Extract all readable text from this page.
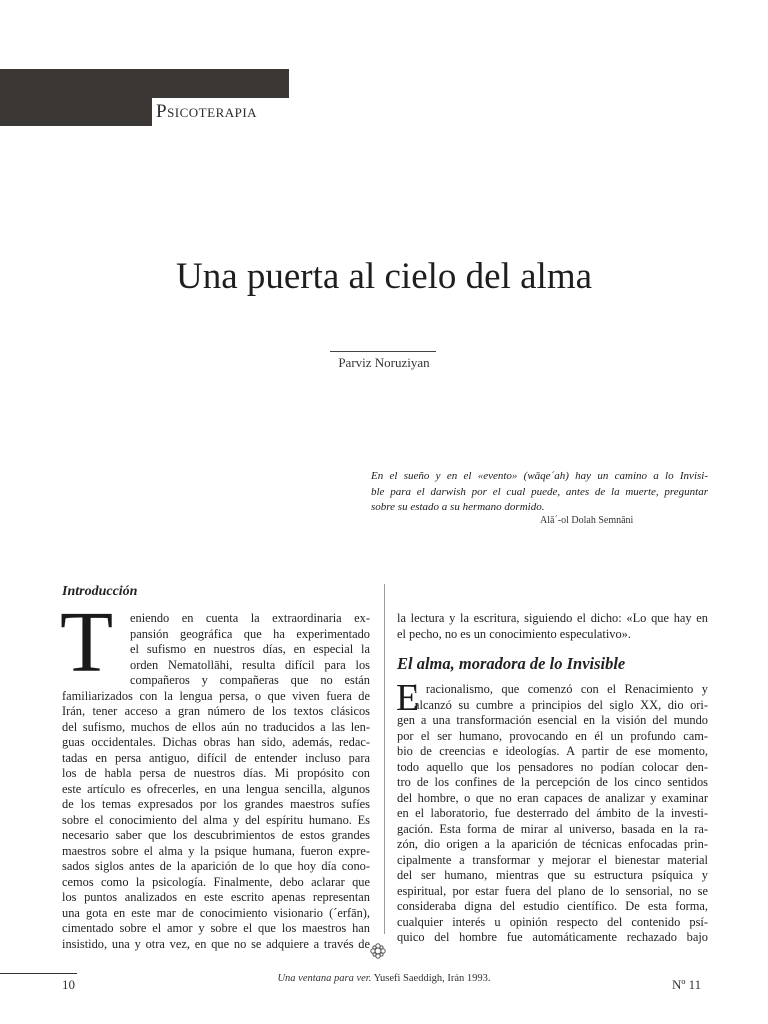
Psicoterapia
Una puerta al cielo del alma
Parviz Noruziyan
En el sueño y en el «evento» (wāqe´ah) hay un camino a lo Invisi-
ble para el darwish por el cual puede, antes de la muerte, preguntar
sobre su estado a su hermano dormido.
Alā´-ol Dolah Semnāni
Introducción
T eniendo en cuenta la extraordinaria ex-
pansión geográfica que ha experimentado
el sufismo en nuestros días, en especial la
orden Nematollāhi, resulta difícil para los
compañeros y compañeras que no están
familiarizados con la lengua persa, o que viven fuera de
Irán, tener acceso a gran número de los textos clásicos
del sufismo, muchos de ellos aún no traducidos a las len-
guas occidentales. Dichas obras han sido, además, redac-
tadas en persa antiguo, difícil de entender incluso para
los de habla persa de nuestros días. Mi propósito con
este artículo es ofrecerles, en una lengua sencilla, algunos
de los temas expresados por los grandes maestros sufíes
sobre el conocimiento del alma y del espíritu humano. Es
necesario saber que los descubrimientos de estos grandes
maestros sobre el alma y la psique humana, fueron expre-
sados siglos antes de la aparición de lo que hoy día cono-
cemos como la psicología. Finalmente, debo aclarar que
los puntos analizados en este escrito apenas representan
una gota en este mar de conocimiento visionario (´erfān),
cimentado sobre el amor y sobre el que los maestros han
insistido, una y otra vez, en que no se adquiere a través de
la lectura y la escritura, siguiendo el dicho: «Lo que hay en
el pecho, no es un conocimiento especulativo».
El alma, moradora de lo Invisible
E
l racionalismo, que comenzó con el Renacimiento y
alcanzó su cumbre a principios del siglo XX, dio ori-
gen a una transformación esencial en la visión del mundo
por el ser humano, provocando en él un profundo cam-
bio de creencias e ideologías. A partir de ese momento,
todo aquello que los pensadores no podían colocar den-
tro de los confines de la percepción de los cinco sentidos
del hombre, o que no eran capaces de analizar y examinar
en el laboratorio, fue desterrado del ámbito de la investi-
gación. Esta forma de mirar al universo, basada en la ra-
zón, dio origen a la aparición de técnicas enfocadas prin-
cipalmente a transformar y mejorar el bienestar material
del ser humano, mientras que su estructura psíquica y
espiritual, por estar fuera del plano de lo sensorial, no se
consideraba digna del estudio científico. De esta forma,
cualquier interés u opinión respecto del contenido psí-
quico del hombre fue automáticamente rechazado bajo
10	Una ventana para ver. Yusefi Saeddigh, Irán 1993.	Nº 11
